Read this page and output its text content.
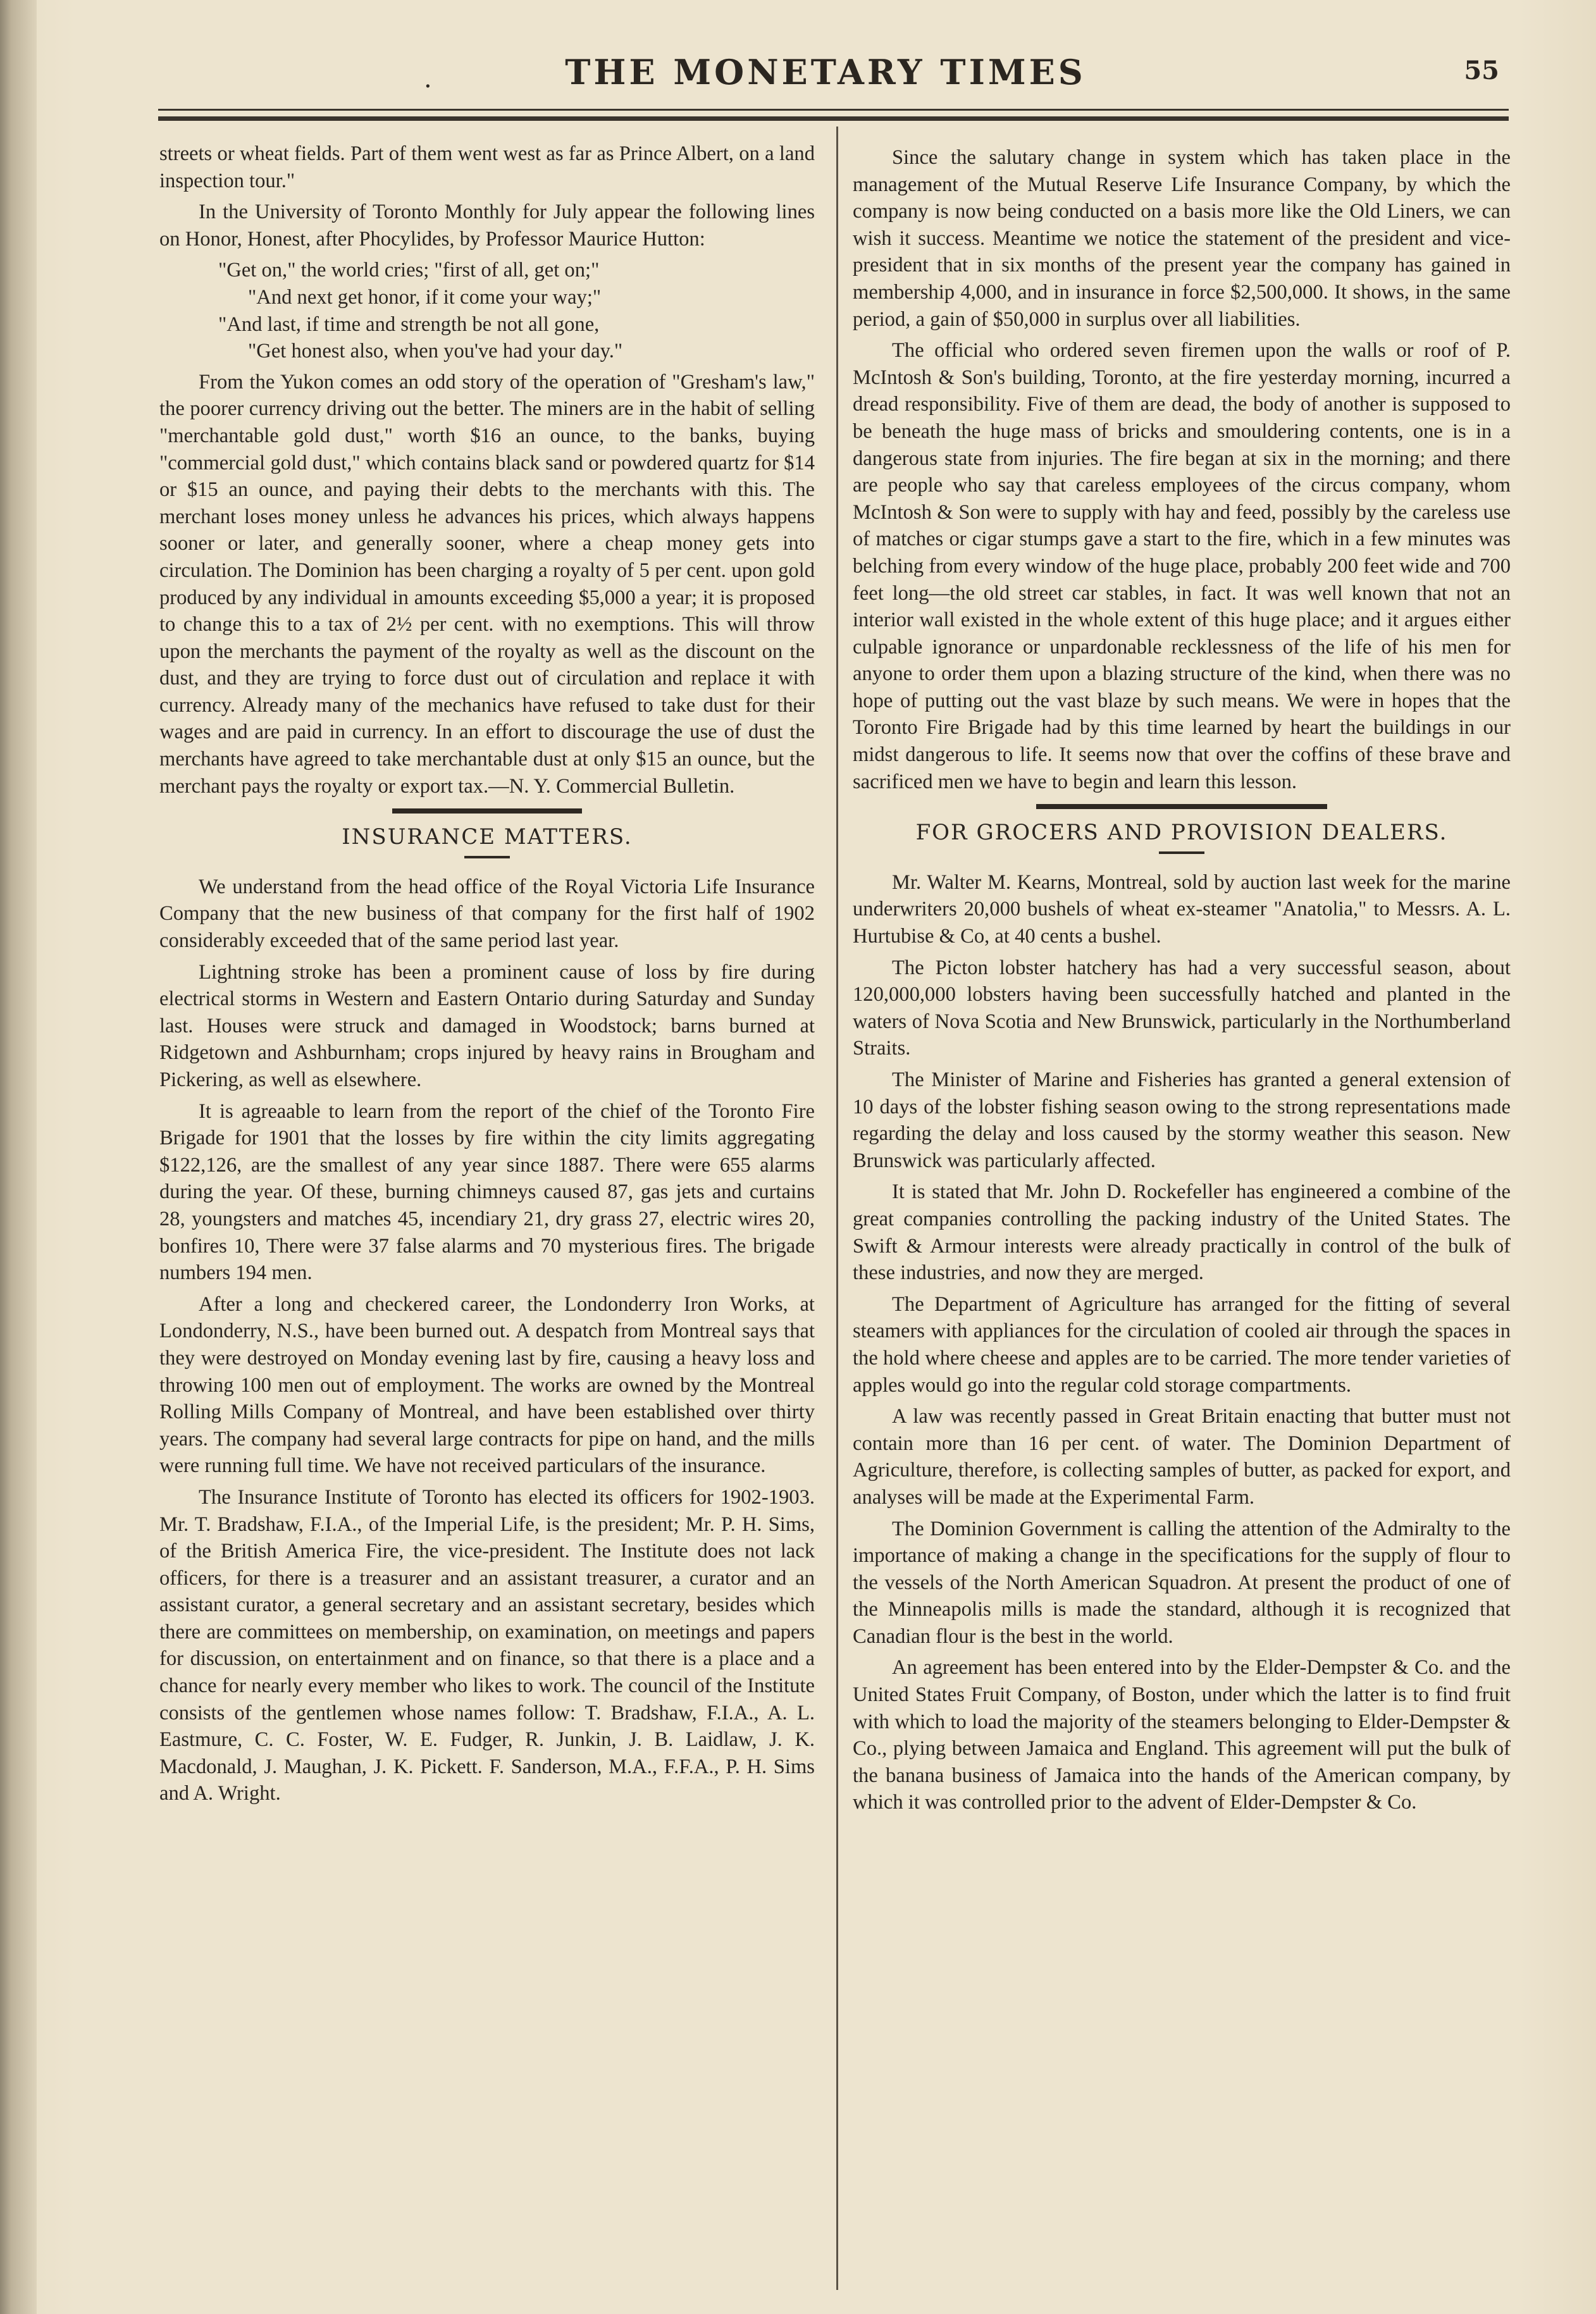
.	THE MONETARY TIMES	55

streets or wheat fields. Part of them went west as far as Prince Albert, on a land inspection tour."

In the University of Toronto Monthly for July appear the following lines on Honor, Honest, after Phocylides, by Professor Maurice Hutton:

"Get on," the world cries; "first of all, get on;"
"And next get honor, if it come your way;"
"And last, if time and strength be not all gone,
"Get honest also, when you've had your day."

From the Yukon comes an odd story of the operation of "Gresham's law," the poorer currency driving out the better. The miners are in the habit of selling "merchantable gold dust," worth $16 an ounce, to the banks, buying "commercial gold dust," which contains black sand or powdered quartz for $14 or $15 an ounce, and paying their debts to the merchants with this. The merchant loses money unless he advances his prices, which always happens sooner or later, and generally sooner, where a cheap money gets into circulation. The Dominion has been charging a royalty of 5 per cent. upon gold produced by any individual in amounts exceeding $5,000 a year; it is proposed to change this to a tax of 2½ per cent. with no exemptions. This will throw upon the merchants the payment of the royalty as well as the discount on the dust, and they are trying to force dust out of circulation and replace it with currency. Already many of the mechanics have refused to take dust for their wages and are paid in currency. In an effort to discourage the use of dust the merchants have agreed to take merchantable dust at only $15 an ounce, but the merchant pays the royalty or export tax.—N. Y. Commercial Bulletin.

INSURANCE MATTERS.

We understand from the head office of the Royal Victoria Life Insurance Company that the new business of that company for the first half of 1902 considerably exceeded that of the same period last year.

Lightning stroke has been a prominent cause of loss by fire during electrical storms in Western and Eastern Ontario during Saturday and Sunday last. Houses were struck and damaged in Woodstock; barns burned at Ridgetown and Ashburnham; crops injured by heavy rains in Brougham and Pickering, as well as elsewhere.

It is agreaable to learn from the report of the chief of the Toronto Fire Brigade for 1901 that the losses by fire within the city limits aggregating $122,126, are the smallest of any year since 1887. There were 655 alarms during the year. Of these, burning chimneys caused 87, gas jets and curtains 28, youngsters and matches 45, incendiary 21, dry grass 27, electric wires 20, bonfires 10, There were 37 false alarms and 70 mysterious fires. The brigade numbers 194 men.

After a long and checkered career, the Londonderry Iron Works, at Londonderry, N.S., have been burned out. A despatch from Montreal says that they were destroyed on Monday evening last by fire, causing a heavy loss and throwing 100 men out of employment. The works are owned by the Montreal Rolling Mills Company of Montreal, and have been established over thirty years. The company had several large contracts for pipe on hand, and the mills were running full time. We have not received particulars of the insurance.

The Insurance Institute of Toronto has elected its officers for 1902-1903. Mr. T. Bradshaw, F.I.A., of the Imperial Life, is the president; Mr. P. H. Sims, of the British America Fire, the vice-president. The Institute does not lack officers, for there is a treasurer and an assistant treasurer, a curator and an assistant curator, a general secretary and an assistant secretary, besides which there are committees on membership, on examination, on meetings and papers for discussion, on entertainment and on finance, so that there is a place and a chance for nearly every member who likes to work. The council of the Institute consists of the gentlemen whose names follow: T. Bradshaw, F.I.A., A. L. Eastmure, C. C. Foster, W. E. Fudger, R. Junkin, J. B. Laidlaw, J. K. Macdonald, J. Maughan, J. K. Pickett. F. Sanderson, M.A., F.F.A., P. H. Sims and A. Wright.

Since the salutary change in system which has taken place in the management of the Mutual Reserve Life Insurance Company, by which the company is now being conducted on a basis more like the Old Liners, we can wish it success. Meantime we notice the statement of the president and vice-president that in six months of the present year the company has gained in membership 4,000, and in insurance in force $2,500,000. It shows, in the same period, a gain of $50,000 in surplus over all liabilities.

The official who ordered seven firemen upon the walls or roof of P. McIntosh & Son's building, Toronto, at the fire yesterday morning, incurred a dread responsibility. Five of them are dead, the body of another is supposed to be beneath the huge mass of bricks and smouldering contents, one is in a dangerous state from injuries. The fire began at six in the morning; and there are people who say that careless employees of the circus company, whom McIntosh & Son were to supply with hay and feed, possibly by the careless use of matches or cigar stumps gave a start to the fire, which in a few minutes was belching from every window of the huge place, probably 200 feet wide and 700 feet long—the old street car stables, in fact. It was well known that not an interior wall existed in the whole extent of this huge place; and it argues either culpable ignorance or unpardonable recklessness of the life of his men for anyone to order them upon a blazing structure of the kind, when there was no hope of putting out the vast blaze by such means. We were in hopes that the Toronto Fire Brigade had by this time learned by heart the buildings in our midst dangerous to life. It seems now that over the coffins of these brave and sacrificed men we have to begin and learn this lesson.

FOR GROCERS AND PROVISION DEALERS.

Mr. Walter M. Kearns, Montreal, sold by auction last week for the marine underwriters 20,000 bushels of wheat ex-steamer "Anatolia," to Messrs. A. L. Hurtubise & Co, at 40 cents a bushel.

The Picton lobster hatchery has had a very successful season, about 120,000,000 lobsters having been successfully hatched and planted in the waters of Nova Scotia and New Brunswick, particularly in the Northumberland Straits.

The Minister of Marine and Fisheries has granted a general extension of 10 days of the lobster fishing season owing to the strong representations made regarding the delay and loss caused by the stormy weather this season. New Brunswick was particularly affected.

It is stated that Mr. John D. Rockefeller has engineered a combine of the great companies controlling the packing industry of the United States. The Swift & Armour interests were already practically in control of the bulk of these industries, and now they are merged.

The Department of Agriculture has arranged for the fitting of several steamers with appliances for the circulation of cooled air through the spaces in the hold where cheese and apples are to be carried. The more tender varieties of apples would go into the regular cold storage compartments.

A law was recently passed in Great Britain enacting that butter must not contain more than 16 per cent. of water. The Dominion Department of Agriculture, therefore, is collecting samples of butter, as packed for export, and analyses will be made at the Experimental Farm.

The Dominion Government is calling the attention of the Admiralty to the importance of making a change in the specifications for the supply of flour to the vessels of the North American Squadron. At present the product of one of the Minneapolis mills is made the standard, although it is recognized that Canadian flour is the best in the world.

An agreement has been entered into by the Elder-Dempster & Co. and the United States Fruit Company, of Boston, under which the latter is to find fruit with which to load the majority of the steamers belonging to Elder-Dempster & Co., plying between Jamaica and England. This agreement will put the bulk of the banana business of Jamaica into the hands of the American company, by which it was controlled prior to the advent of Elder-Dempster & Co.
